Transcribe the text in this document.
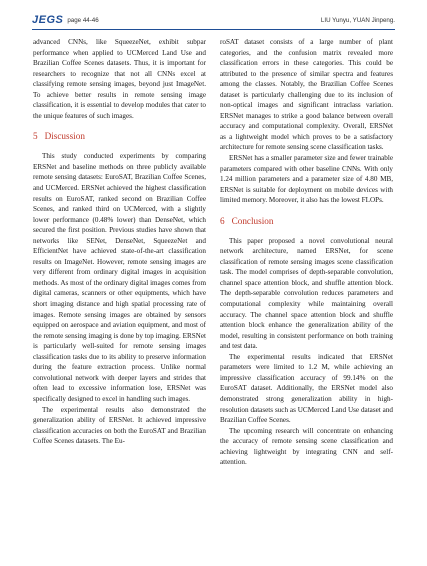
JEGS page 44-46	LIU Yunyu, YUAN Jinpeng.

advanced CNNs, like SqueezeNet, exhibit subpar performance when applied to UCMerced Land Use and Brazilian Coffee Scenes datasets. Thus, it is important for researchers to recognize that not all CNNs excel at classifying remote sensing images, beyond just ImageNet. To achieve better results in remote sensing image classification, it is essential to develop modules that cater to the unique features of such images.

5 Discussion

This study conducted experiments by comparing ERSNet and baseline methods on three publicly available remote sensing datasets: EuroSAT, Brazilian Coffee Scenes, and UCMerced. ERSNet achieved the highest classification results on EuroSAT, ranked second on Brazilian Coffee Scenes, and ranked third on UCMerced, with a slightly lower performance (0.48% lower) than DenseNet, which secured the first position. Previous studies have shown that networks like SENet, DenseNet, SqueezeNet and EfficientNet have achieved state-of-the-art classification results on ImageNet. However, remote sensing images are very different from ordinary digital images in acquisition methods. As most of the ordinary digital images comes from digital cameras, scanners or other equipments, which have short imaging distance and high spatial processing rate of images. Remote sensing images are obtained by sensors equipped on aerospace and aviation equipment, and most of the remote sensing imaging is done by top imaging. ERSNet is particularly well-suited for remote sensing images classification tasks due to its ability to preserve information during the feature extraction process. Unlike normal convolutional network with deeper layers and strides that often lead to excessive information lose, ERSNet was specifically designed to excel in handling such images.

The experimental results also demonstrated the generalization ability of ERSNet. It achieved impressive classification accuracies on both the EuroSAT and Brazilian Coffee Scenes datasets. The Eu-

roSAT dataset consists of a large number of plant categories, and the confusion matrix revealed more classification errors in these categories. This could be attributed to the presence of similar spectra and features among the classes. Notably, the Brazilian Coffee Scenes dataset is particularly challenging due to its inclusion of non-optical images and significant intraclass variation. ERSNet manages to strike a good balance between overall accuracy and computational complexity. Overall, ERSNet as a lightweight model which proves to be a satisfactory architecture for remote sensing scene classification tasks.

ERSNet has a smaller parameter size and fewer trainable parameters compared with other baseline CNNs. With only 1.24 million parameters and a parameter size of 4.80 MB, ERSNet is suitable for deployment on mobile devices with limited memory. Moreover, it also has the lowest FLOPs.

6 Conclusion

This paper proposed a novel convolutional neural network architecture, named ERSNet, for scene classification of remote sensing images scene classification task. The model comprises of depth-separable convolution, channel space attention block, and shuffle attention block. The depth-separable convolution reduces parameters and computational complexity while maintaining overall accuracy. The channel space attention block and shuffle attention block enhance the generalization ability of the model, resulting in consistent performance on both training and test data.

The experimental results indicated that ERSNet parameters were limited to 1.2 M, while achieving an impressive classification accuracy of 99.14% on the EuroSAT dataset. Additionally, the ERSNet model also demonstrated strong generalization ability in high-resolution datasets such as UCMerced Land Use dataset and Brazilian Coffee Scenes.

The upcoming research will concentrate on enhancing the accuracy of remote sensing scene classification and achieving lightweight by integrating CNN and self-attention.
